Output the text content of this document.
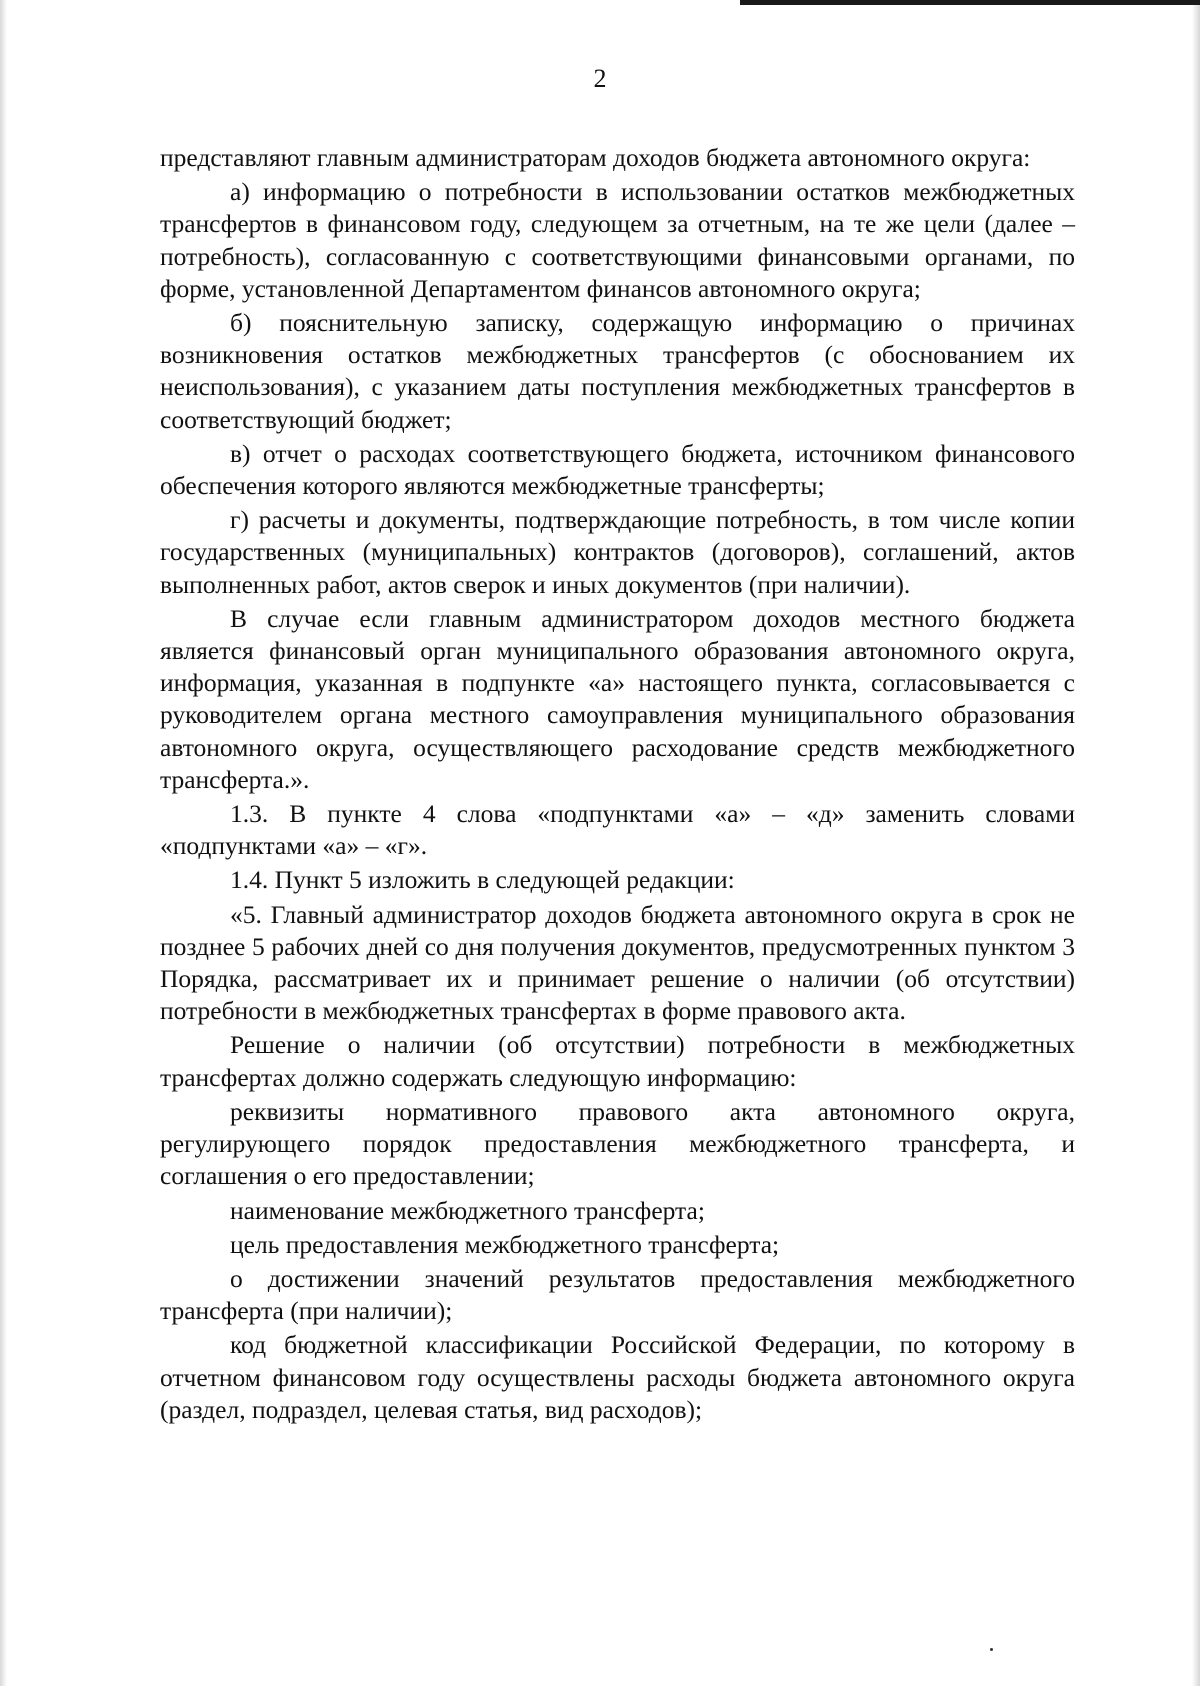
2

представляют главным администраторам доходов бюджета автономного округа:

а) информацию о потребности в использовании остатков межбюджетных трансфертов в финансовом году, следующем за отчетным, на те же цели (далее – потребность), согласованную с соответствующими финансовыми органами, по форме, установленной Департаментом финансов автономного округа;

б) пояснительную записку, содержащую информацию о причинах возникновения остатков межбюджетных трансфертов (с обоснованием их неиспользования), с указанием даты поступления межбюджетных трансфертов в соответствующий бюджет;

в) отчет о расходах соответствующего бюджета, источником финансового обеспечения которого являются межбюджетные трансферты;

г) расчеты и документы, подтверждающие потребность, в том числе копии государственных (муниципальных) контрактов (договоров), соглашений, актов выполненных работ, актов сверок и иных документов (при наличии).

В случае если главным администратором доходов местного бюджета является финансовый орган муниципального образования автономного округа, информация, указанная в подпункте «а» настоящего пункта, согласовывается с руководителем органа местного самоуправления муниципального образования автономного округа, осуществляющего расходование средств межбюджетного трансферта.».

1.3. В пункте 4 слова «подпунктами «а» – «д» заменить словами «подпунктами «а» – «г».

1.4. Пункт 5 изложить в следующей редакции:

«5. Главный администратор доходов бюджета автономного округа в срок не позднее 5 рабочих дней со дня получения документов, предусмотренных пунктом 3 Порядка, рассматривает их и принимает решение о наличии (об отсутствии) потребности в межбюджетных трансфертах в форме правового акта.

Решение о наличии (об отсутствии) потребности в межбюджетных трансфертах должно содержать следующую информацию:

реквизиты нормативного правового акта автономного округа, регулирующего порядок предоставления межбюджетного трансферта, и соглашения о его предоставлении;

наименование межбюджетного трансферта;

цель предоставления межбюджетного трансферта;

о достижении значений результатов предоставления межбюджетного трансферта (при наличии);

код бюджетной классификации Российской Федерации, по которому в отчетном финансовом году осуществлены расходы бюджета автономного округа (раздел, подраздел, целевая статья, вид расходов);
